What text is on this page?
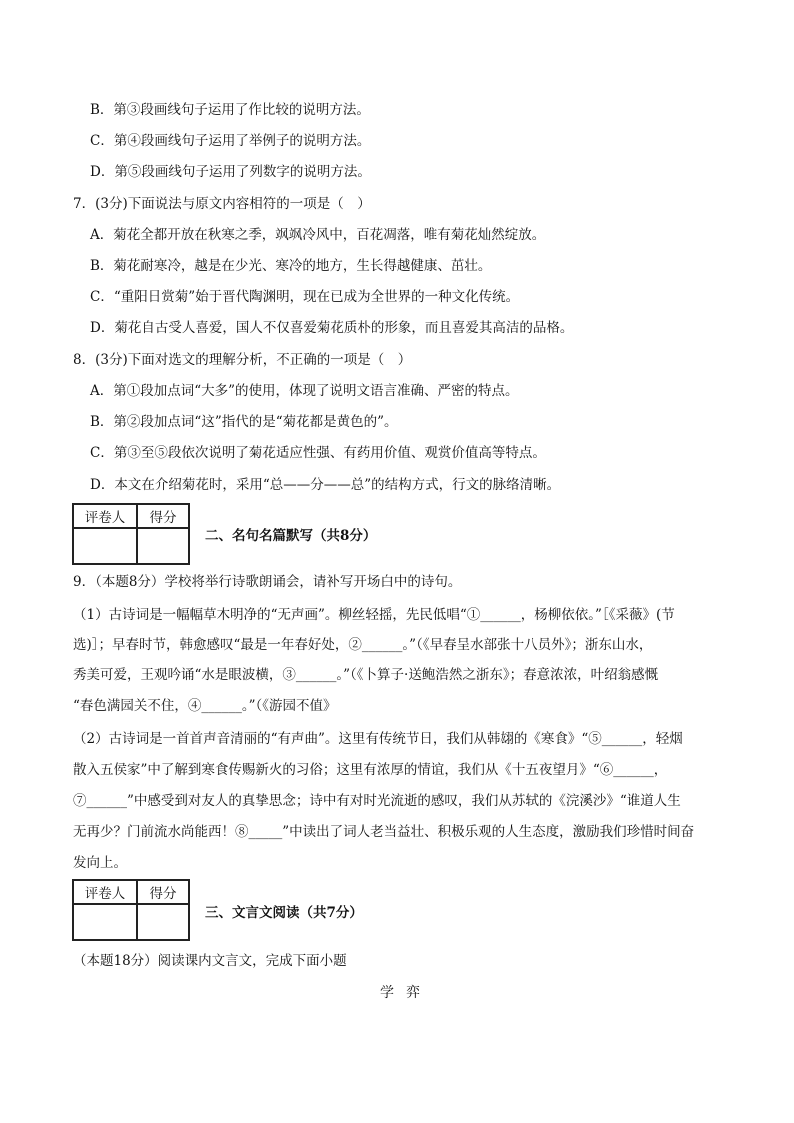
B．第③段画线句子运用了作比较的说明方法。
C．第④段画线句子运用了举例子的说明方法。
D．第⑤段画线句子运用了列数字的说明方法。
7．(3分)下面说法与原文内容相符的一项是（　）
A．菊花全都开放在秋寒之季，飒飒冷风中，百花凋落，唯有菊花灿然绽放。
B．菊花耐寒冷，越是在少光、寒冷的地方，生长得越健康、茁壮。
C．“重阳日赏菊”始于晋代陶渊明，现在已成为全世界的一种文化传统。
D．菊花自古受人喜爱，国人不仅喜爱菊花质朴的形象，而且喜爱其高洁的品格。
8．(3分)下面对选文的理解分析，不正确的一项是（　）
A．第①段加点词“大多”的使用，体现了说明文语言准确、严密的特点。
B．第②段加点词“这”指代的是“菊花都是黄色的”。
C．第③至⑤段依次说明了菊花适应性强、有药用价值、观赏价值高等特点。
D．本文在介绍菊花时，采用“总——分——总”的结构方式，行文的脉络清晰。
评卷人	得分

二、名句名篇默写（共8分）
9．（本题8分）学校将举行诗歌朗诵会，请补写开场白中的诗句。
（1）古诗词是一幅幅草木明净的“无声画”。柳丝轻摇，先民低唱“①______，杨柳依依。”［《采薇》(节
选)］；早春时节，韩愈感叹“最是一年春好处，②______。”（《早春呈水部张十八员外》；浙东山水，
秀美可爱，王观吟诵“水是眼波横，③______。”（《卜算子·送鲍浩然之浙东》；春意浓浓，叶绍翁感慨
“春色满园关不住，④______。”（《游园不值》
（2）古诗词是一首首声音清丽的“有声曲”。这里有传统节日，我们从韩翃的《寒食》“⑤______，轻烟
散入五侯家”中了解到寒食传赐新火的习俗；这里有浓厚的情谊，我们从《十五夜望月》“⑥______，
⑦______”中感受到对友人的真挚思念；诗中有对时光流逝的感叹，我们从苏轼的《浣溪沙》“谁道人生
无再少？门前流水尚能西！⑧_____”中读出了词人老当益壮、积极乐观的人生态度，激励我们珍惜时间奋
发向上。
评卷人	得分

三、文言文阅读（共7分）
（本题18分）阅读课内文言文，完成下面小题
学弈
